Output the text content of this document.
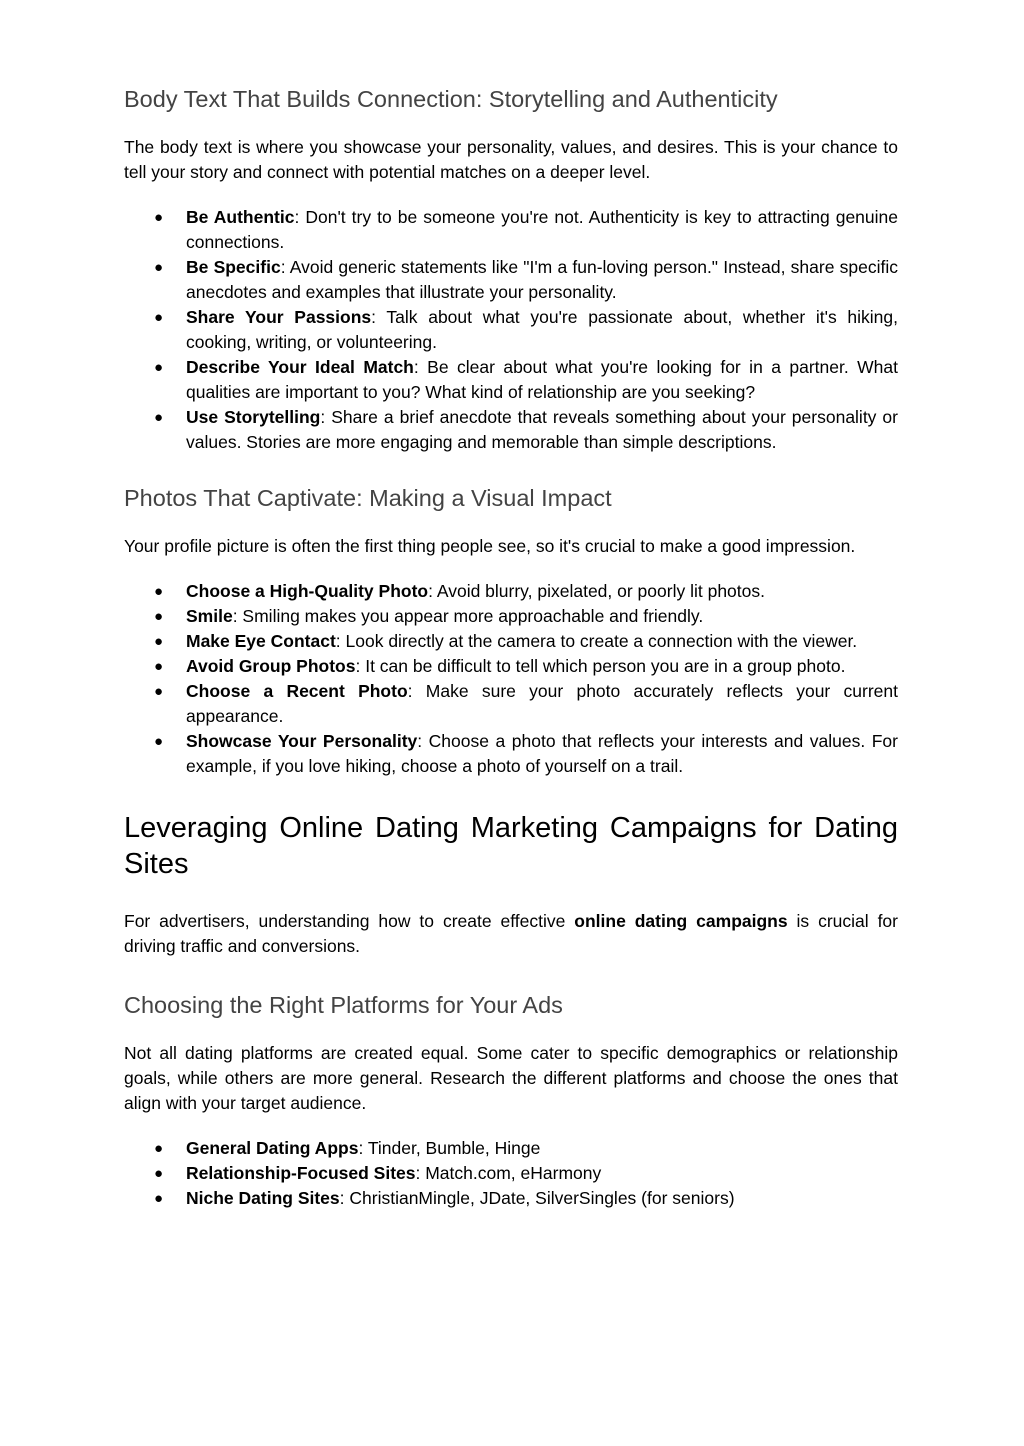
Body Text That Builds Connection: Storytelling and Authenticity

The body text is where you showcase your personality, values, and desires. This is your chance to tell your story and connect with potential matches on a deeper level.

● Be Authentic: Don't try to be someone you're not. Authenticity is key to attracting genuine connections.
● Be Specific: Avoid generic statements like "I'm a fun-loving person." Instead, share specific anecdotes and examples that illustrate your personality.
● Share Your Passions: Talk about what you're passionate about, whether it's hiking, cooking, writing, or volunteering.
● Describe Your Ideal Match: Be clear about what you're looking for in a partner. What qualities are important to you? What kind of relationship are you seeking?
● Use Storytelling: Share a brief anecdote that reveals something about your personality or values. Stories are more engaging and memorable than simple descriptions.
Photos That Captivate: Making a Visual Impact

Your profile picture is often the first thing people see, so it's crucial to make a good impression.

● Choose a High-Quality Photo: Avoid blurry, pixelated, or poorly lit photos.
● Smile: Smiling makes you appear more approachable and friendly.
● Make Eye Contact: Look directly at the camera to create a connection with the viewer.
● Avoid Group Photos: It can be difficult to tell which person you are in a group photo.
● Choose a Recent Photo: Make sure your photo accurately reflects your current appearance.
● Showcase Your Personality: Choose a photo that reflects your interests and values. For example, if you love hiking, choose a photo of yourself on a trail.
Leveraging Online Dating Marketing Campaigns for Dating Sites

For advertisers, understanding how to create effective online dating campaigns is crucial for driving traffic and conversions.

Choosing the Right Platforms for Your Ads

Not all dating platforms are created equal. Some cater to specific demographics or relationship goals, while others are more general. Research the different platforms and choose the ones that align with your target audience.

● General Dating Apps: Tinder, Bumble, Hinge
● Relationship-Focused Sites: Match.com, eHarmony
● Niche Dating Sites: ChristianMingle, JDate, SilverSingles (for seniors)
